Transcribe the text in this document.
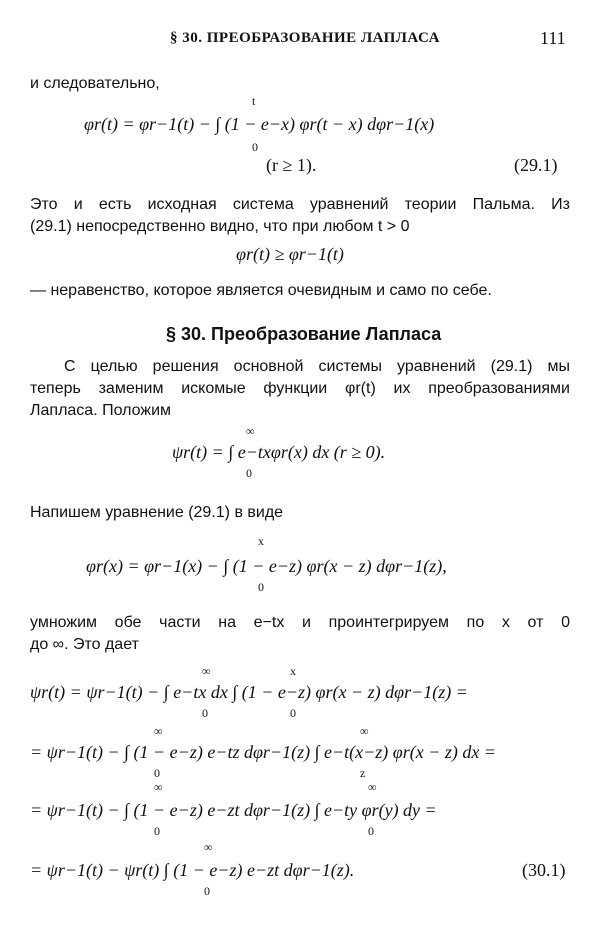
§ 30. ПРЕОБРАЗОВАНИЕ ЛАПЛАСА	111
и следовательно,
t
φr(t) = φr−1(t) − ∫ (1 − e−x) φr(t − x) dφr−1(x)
0
(r ≥ 1).	(29.1)
Это и есть исходная система уравнений теории Пальма. Из
(29.1) непосредственно видно, что при любом t > 0
φr(t) ≥ φr−1(t)
— неравенство, которое является очевидным и само по себе.
§ 30. Преобразование Лапласа
С целью решения основной системы уравнений (29.1) мы
теперь заменим искомые функции φr(t) их преобразованиями
Лапласа. Положим
∞
ψr(t) = ∫ e−txφr(x) dx (r ≥ 0).
0
Напишем уравнение (29.1) в виде
x
φr(x) = φr−1(x) − ∫ (1 − e−z) φr(x − z) dφr−1(z),
0
умножим обе части на e−tx и проинтегрируем по x от 0
до ∞. Это дает
∞	x
ψr(t) = ψr−1(t) − ∫ e−tx dx ∫ (1 − e−z) φr(x − z) dφr−1(z) =
0	0
∞	∞
= ψr−1(t) − ∫ (1 − e−z) e−tz dφr−1(z) ∫ e−t(x−z) φr(x − z) dx =
0	z
∞	∞
= ψr−1(t) − ∫ (1 − e−z) e−zt dφr−1(z) ∫ e−ty φr(y) dy =
0	0
∞
= ψr−1(t) − ψr(t) ∫ (1 − e−z) e−zt dφr−1(z).	(30.1)
0
